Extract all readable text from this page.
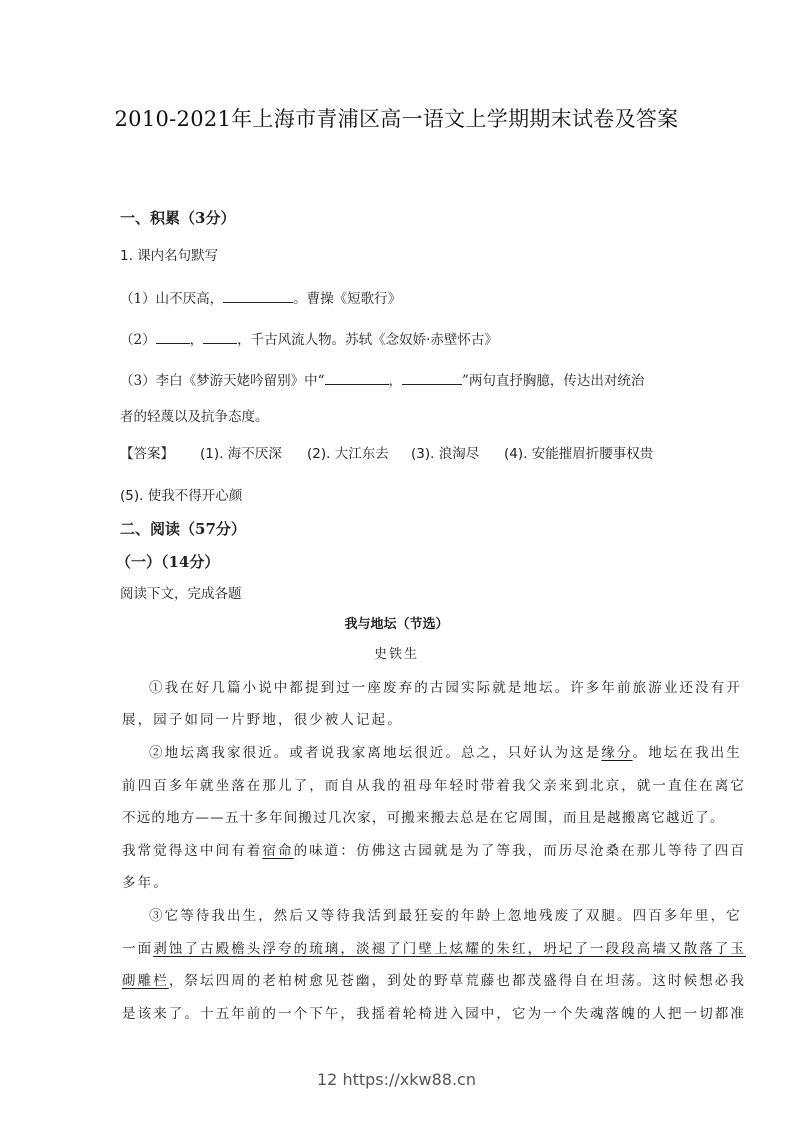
2010-2021年上海市青浦区高一语文上学期期末试卷及答案
一、积累（3分）
1. 课内名句默写
（1）山不厌高，	。曹操《短歌行》
（2）	，	，千古风流人物。苏轼《念奴娇·赤壁怀古》
（3）李白《梦游天姥吟留别》中“	，	”两句直抒胸臆，传达出对统治
者的轻蔑以及抗争态度。
【答案】	(1). 海不厌深	(2). 大江东去	(3). 浪淘尽	(4). 安能摧眉折腰事权贵
(5). 使我不得开心颜
二、阅读（57分）
（一）（14分）
阅读下文，完成各题
我与地坛（节选）
史铁生
①我在好几篇小说中都提到过一座废弃的古园实际就是地坛。许多年前旅游业还没有开
展，园子如同一片野地，很少被人记起。
②地坛离我家很近。或者说我家离地坛很近。总之，只好认为这是缘分。地坛在我出生
前四百多年就坐落在那儿了，而自从我的祖母年轻时带着我父亲来到北京，就一直住在离它
不远的地方——五十多年间搬过几次家，可搬来搬去总是在它周围，而且是越搬离它越近了。
我常觉得这中间有着宿命的味道：仿佛这古园就是为了等我，而历尽沧桑在那儿等待了四百
多年。
③它等待我出生，然后又等待我活到最狂妄的年龄上忽地残废了双腿。四百多年里，它
一面剥蚀了古殿檐头浮夸的琉璃，淡褪了门壁上炫耀的朱红，坍圮了一段段高墙又散落了玉
砌雕栏，祭坛四周的老柏树愈见苍幽，到处的野草荒藤也都茂盛得自在坦荡。这时候想必我
是该来了。十五年前的一个下午，我摇着轮椅进入园中，它为一个失魂落魄的人把一切都准
12 https://xkw88.cn
